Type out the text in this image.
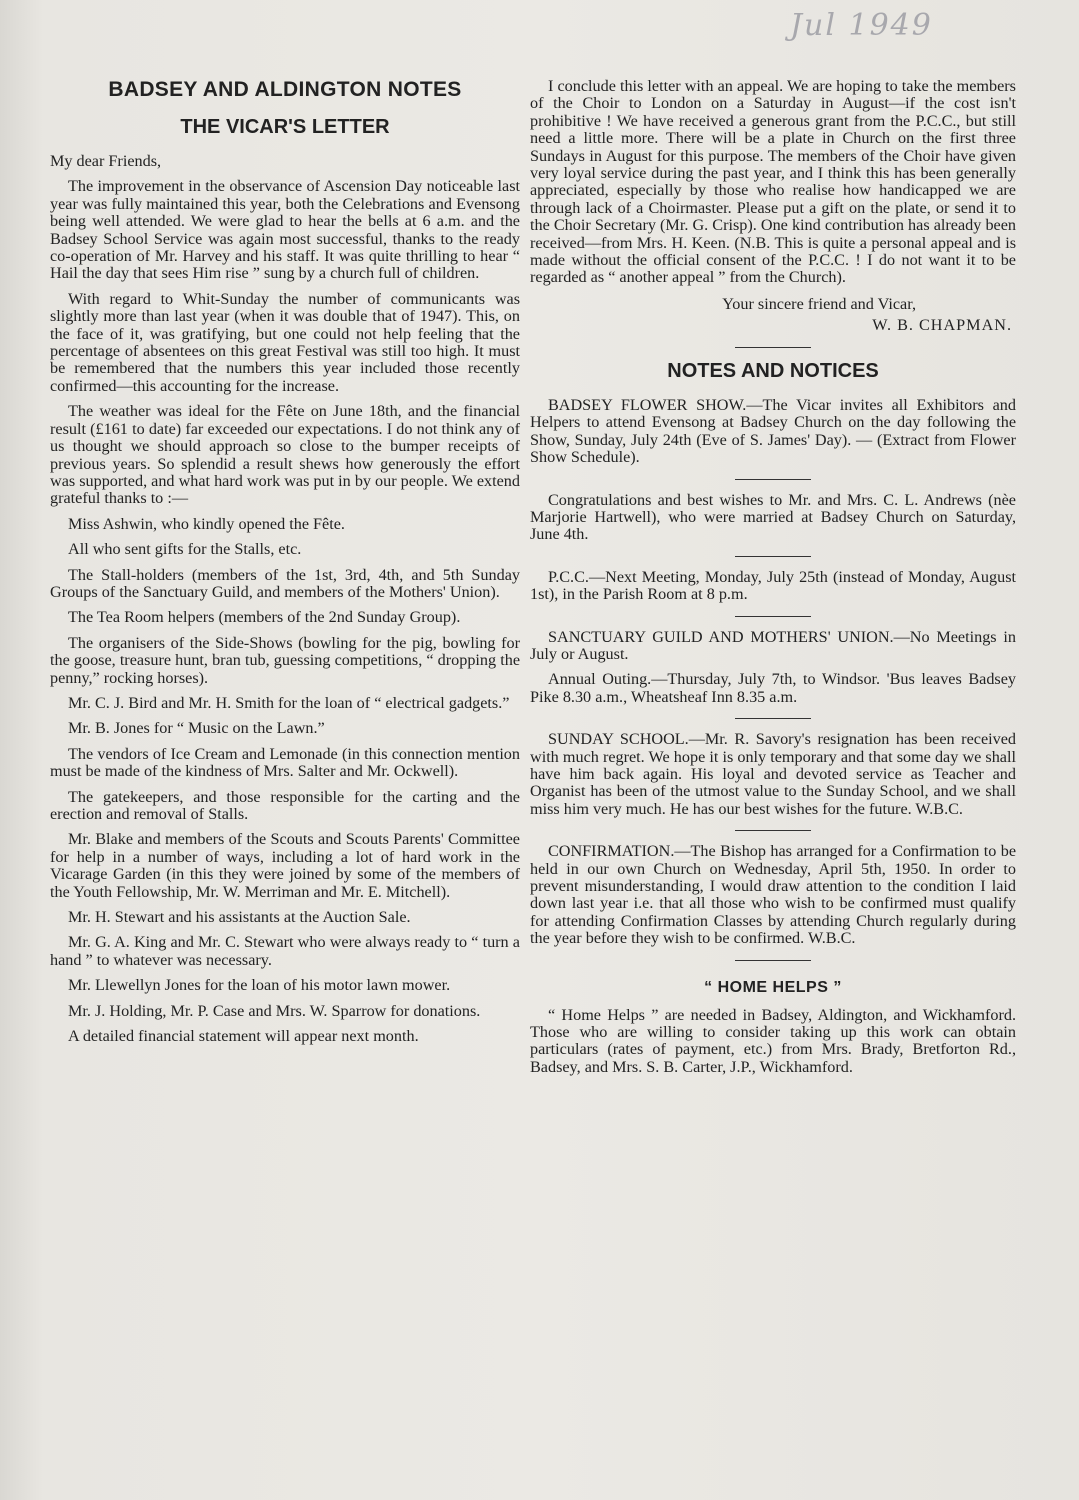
Jul 1949
BADSEY AND ALDINGTON NOTES
THE VICAR'S LETTER

My dear Friends,

The improvement in the observance of Ascension Day noticeable last year was fully maintained this year, both the Celebrations and Evensong being well attended. We were glad to hear the bells at 6 a.m. and the Badsey School Service was again most successful, thanks to the ready co-operation of Mr. Harvey and his staff. It was quite thrilling to hear “ Hail the day that sees Him rise ” sung by a church full of children.

With regard to Whit-Sunday the number of communicants was slightly more than last year (when it was double that of 1947). This, on the face of it, was gratifying, but one could not help feeling that the percentage of absentees on this great Festival was still too high. It must be remembered that the numbers this year included those recently confirmed—this accounting for the increase.

The weather was ideal for the Fête on June 18th, and the financial result (£161 to date) far exceeded our expectations. I do not think any of us thought we should approach so close to the bumper receipts of previous years. So splendid a result shews how generously the effort was supported, and what hard work was put in by our people. We extend grateful thanks to :—

Miss Ashwin, who kindly opened the Fête.

All who sent gifts for the Stalls, etc.

The Stall-holders (members of the 1st, 3rd, 4th, and 5th Sunday Groups of the Sanctuary Guild, and members of the Mothers' Union).

The Tea Room helpers (members of the 2nd Sunday Group).

The organisers of the Side-Shows (bowling for the pig, bowling for the goose, treasure hunt, bran tub, guessing competitions, “ dropping the penny,” rocking horses).

Mr. C. J. Bird and Mr. H. Smith for the loan of “ electrical gadgets.”

Mr. B. Jones for “ Music on the Lawn.”

The vendors of Ice Cream and Lemonade (in this connection mention must be made of the kindness of Mrs. Salter and Mr. Ockwell).

The gatekeepers, and those responsible for the carting and the erection and removal of Stalls.

Mr. Blake and members of the Scouts and Scouts Parents' Committee for help in a number of ways, including a lot of hard work in the Vicarage Garden (in this they were joined by some of the members of the Youth Fellowship, Mr. W. Merriman and Mr. E. Mitchell).

Mr. H. Stewart and his assistants at the Auction Sale.

Mr. G. A. King and Mr. C. Stewart who were always ready to “ turn a hand ” to whatever was necessary.

Mr. Llewellyn Jones for the loan of his motor lawn mower.

Mr. J. Holding, Mr. P. Case and Mrs. W. Sparrow for donations.

A detailed financial statement will appear next month.

I conclude this letter with an appeal. We are hoping to take the members of the Choir to London on a Saturday in August—if the cost isn't prohibitive ! We have received a generous grant from the P.C.C., but still need a little more. There will be a plate in Church on the first three Sundays in August for this purpose. The members of the Choir have given very loyal service during the past year, and I think this has been generally appreciated, especially by those who realise how handicapped we are through lack of a Choirmaster. Please put a gift on the plate, or send it to the Choir Secretary (Mr. G. Crisp). One kind contribution has already been received—from Mrs. H. Keen. (N.B. This is quite a personal appeal and is made without the official consent of the P.C.C. ! I do not want it to be regarded as “ another appeal ” from the Church).

Your sincere friend and Vicar,
W. B. CHAPMAN.
NOTES AND NOTICES

BADSEY FLOWER SHOW.—The Vicar invites all Exhibitors and Helpers to attend Evensong at Badsey Church on the day following the Show, Sunday, July 24th (Eve of S. James' Day). — (Extract from Flower Show Schedule).

Congratulations and best wishes to Mr. and Mrs. C. L. Andrews (nèe Marjorie Hartwell), who were married at Badsey Church on Saturday, June 4th.

P.C.C.—Next Meeting, Monday, July 25th (instead of Monday, August 1st), in the Parish Room at 8 p.m.

SANCTUARY GUILD AND MOTHERS' UNION.—No Meetings in July or August.

Annual Outing.—Thursday, July 7th, to Windsor. 'Bus leaves Badsey Pike 8.30 a.m., Wheatsheaf Inn 8.35 a.m.

SUNDAY SCHOOL.—Mr. R. Savory's resignation has been received with much regret. We hope it is only temporary and that some day we shall have him back again. His loyal and devoted service as Teacher and Organist has been of the utmost value to the Sunday School, and we shall miss him very much. He has our best wishes for the future. W.B.C.

CONFIRMATION.—The Bishop has arranged for a Confirmation to be held in our own Church on Wednesday, April 5th, 1950. In order to prevent misunderstanding, I would draw attention to the condition I laid down last year i.e. that all those who wish to be confirmed must qualify for attending Confirmation Classes by attending Church regularly during the year before they wish to be confirmed. W.B.C.

“ HOME HELPS ”

“ Home Helps ” are needed in Badsey, Aldington, and Wickhamford. Those who are willing to consider taking up this work can obtain particulars (rates of payment, etc.) from Mrs. Brady, Bretforton Rd., Badsey, and Mrs. S. B. Carter, J.P., Wickhamford.
